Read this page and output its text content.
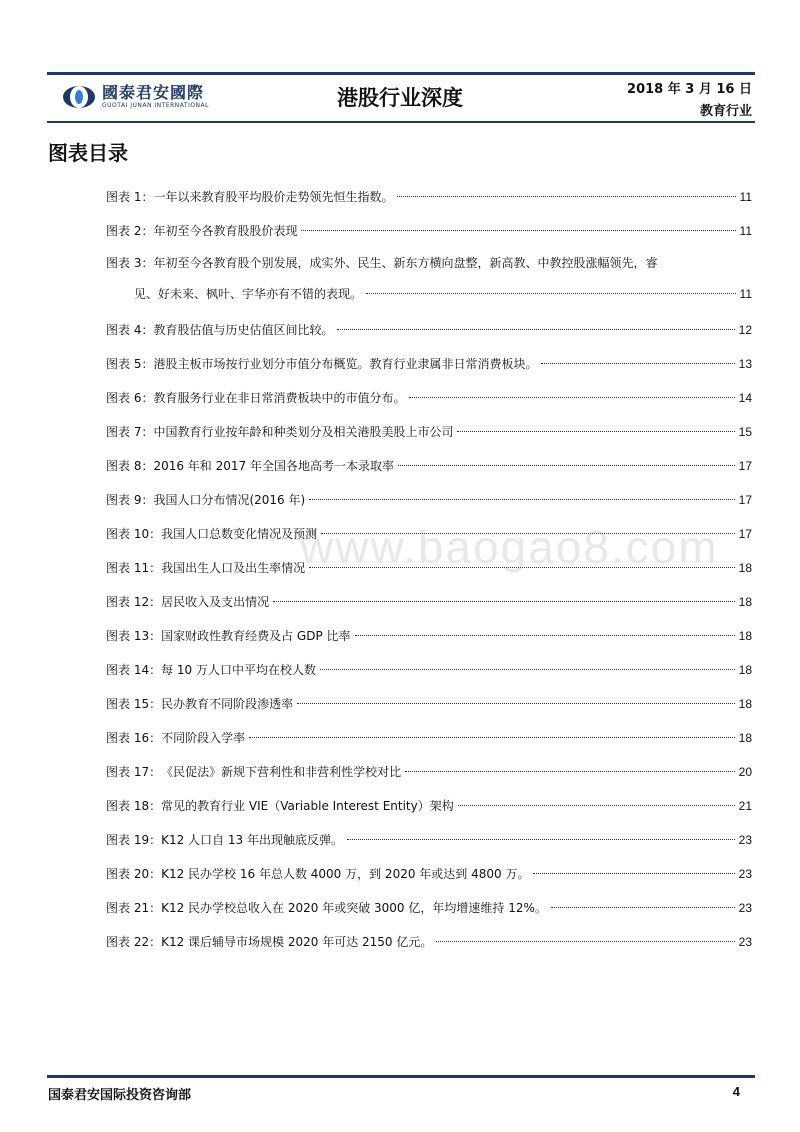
國泰君安國際
GUOTAI JUNAN INTERNATIONAL	港股行业深度	2018 年 3 月 16 日
教育行业
图表目录
图表 1： 一年以来教育股平均股价走势领先恒生指数。	11
图表 2： 年初至今各教育股股价表现	11
图表 3：年初至今各教育股个别发展，成实外、民生、新东方横向盘整，新高教、中教控股涨幅领先，睿
见、好未来、枫叶、宇华亦有不错的表现。	11
图表 4： 教育股估值与历史估值区间比较。	12
图表 5： 港股主板市场按行业划分市值分布概览。教育行业隶属非日常消费板块。	13
图表 6： 教育服务行业在非日常消费板块中的市值分布。	14
图表 7： 中国教育行业按年龄和种类划分及相关港股美股上市公司	15
图表 8： 2016 年和 2017 年全国各地高考一本录取率	17
图表 9： 我国人口分布情况(2016 年)	17
图表 10： 我国人口总数变化情况及预测	17
图表 11： 我国出生人口及出生率情况	18
图表 12： 居民收入及支出情况	18
图表 13： 国家财政性教育经费及占 GDP 比率	18
图表 14： 每 10 万人口中平均在校人数	18
图表 15： 民办教育不同阶段渗透率	18
图表 16： 不同阶段入学率	18
图表 17： 《民促法》新规下营利性和非营利性学校对比	20
图表 18： 常见的教育行业 VIE（Variable Interest Entity）架构	21
图表 19： K12 人口自 13 年出现触底反弹。	23
图表 20： K12 民办学校 16 年总人数 4000 万，到 2020 年或达到 4800 万。	23
图表 21： K12 民办学校总收入在 2020 年或突破 3000 亿，年均增速维持 12%。	23
图表 22： K12 课后辅导市场规模 2020 年可达 2150 亿元。	23
www.baogao8.com
国泰君安国际投资咨询部	4
